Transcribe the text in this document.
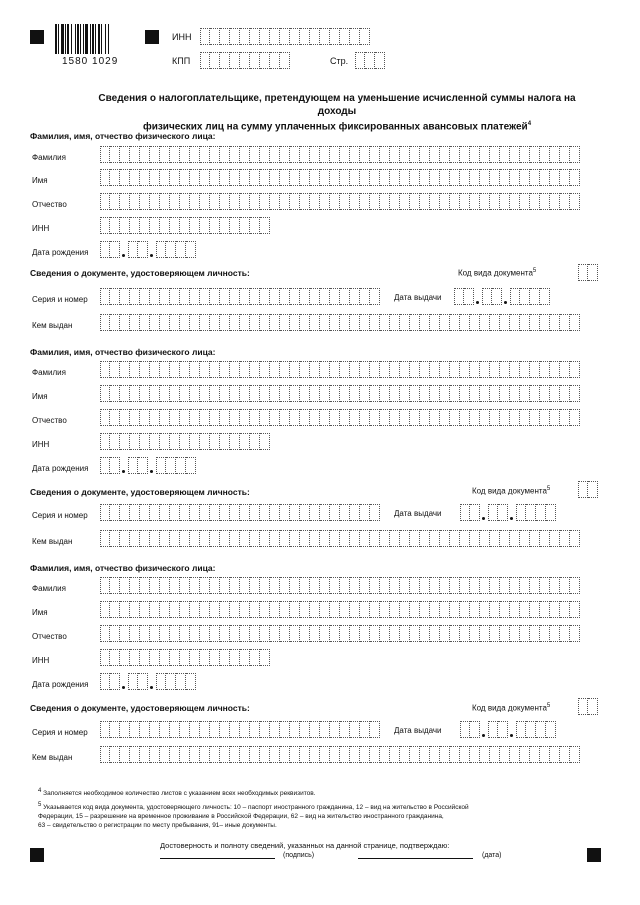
1580 1029
ИНН
КПП	Стр.
Сведения о налогоплательщике, претендующем на уменьшение исчисленной суммы налога на доходы
физических лиц на сумму уплаченных фиксированных авансовых платежей$^4$
Фамилия, имя, отчество физического лица:
Фамилия
Имя
Отчество
ИНН
Дата рождения
Сведения о документе, удостоверяющем личность:	Код вида документа$^5$
Серия и номер	Дата выдачи
Кем выдан
Фамилия, имя, отчество физического лица:
Фамилия
Имя
Отчество
ИНН
Дата рождения
Сведения о документе, удостоверяющем личность:	Код вида документа$^5$
Серия и номер	Дата выдачи
Кем выдан
Фамилия, имя, отчество физического лица:
Фамилия
Имя
Отчество
ИНН
Дата рождения
Сведения о документе, удостоверяющем личность:	Код вида документа$^5$
Серия и номер	Дата выдачи
Кем выдан
4 Заполняется необходимое количество листов с указанием всех необходимых реквизитов.
5 Указывается код вида документа, удостоверяющего личность: 10 – паспорт иностранного гражданина, 12 – вид на жительство в Российской
Федерации, 15 – разрешение на временное проживание в Российской Федерации, 62 – вид на жительство иностранного гражданина,
63 – свидетельство о регистрации по месту пребывания, 91– иные документы.
Достоверность и полноту сведений, указанных на данной странице, подтверждаю:
(подпись)	(дата)
